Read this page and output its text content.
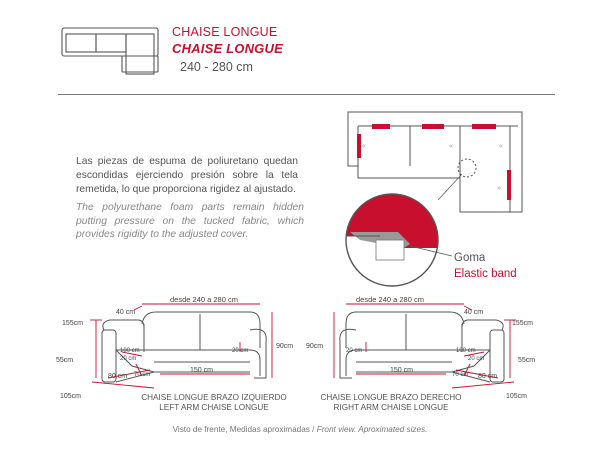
CHAISE LONGUE
CHAISE LONGUE
240 - 280 cm
Las piezas de espuma de poliuretano quedan escondidas ejerciendo presión sobre la tela remetida, lo que proporciona rigidez al ajustado.
The polyurethane foam parts remain hidden putting pressure on the tucked fabric, which provides rigidity to the adjusted cover.
«	«	«
»
Goma
Elastic band
desde 240 a 280 cm
40 cm
155cm
55cm
105cm
90cm
100 cm
20 cm
20 cm
70 cm
80 cm
150 cm
desde 240 a 280 cm
40 cm
155cm
55cm
105cm
90cm
100 cm
20 cm
20 cm
70 cm 80 cm
150 cm
CHAISE LONGUE BRAZO IZQUIERDO
LEFT ARM CHAISE LONGUE
CHAISE LONGUE BRAZO DERECHO
RIGHT ARM CHAISE LONGUE
Visto de frente, Medidas aproximadas / Front view. Aproximated sizes.
